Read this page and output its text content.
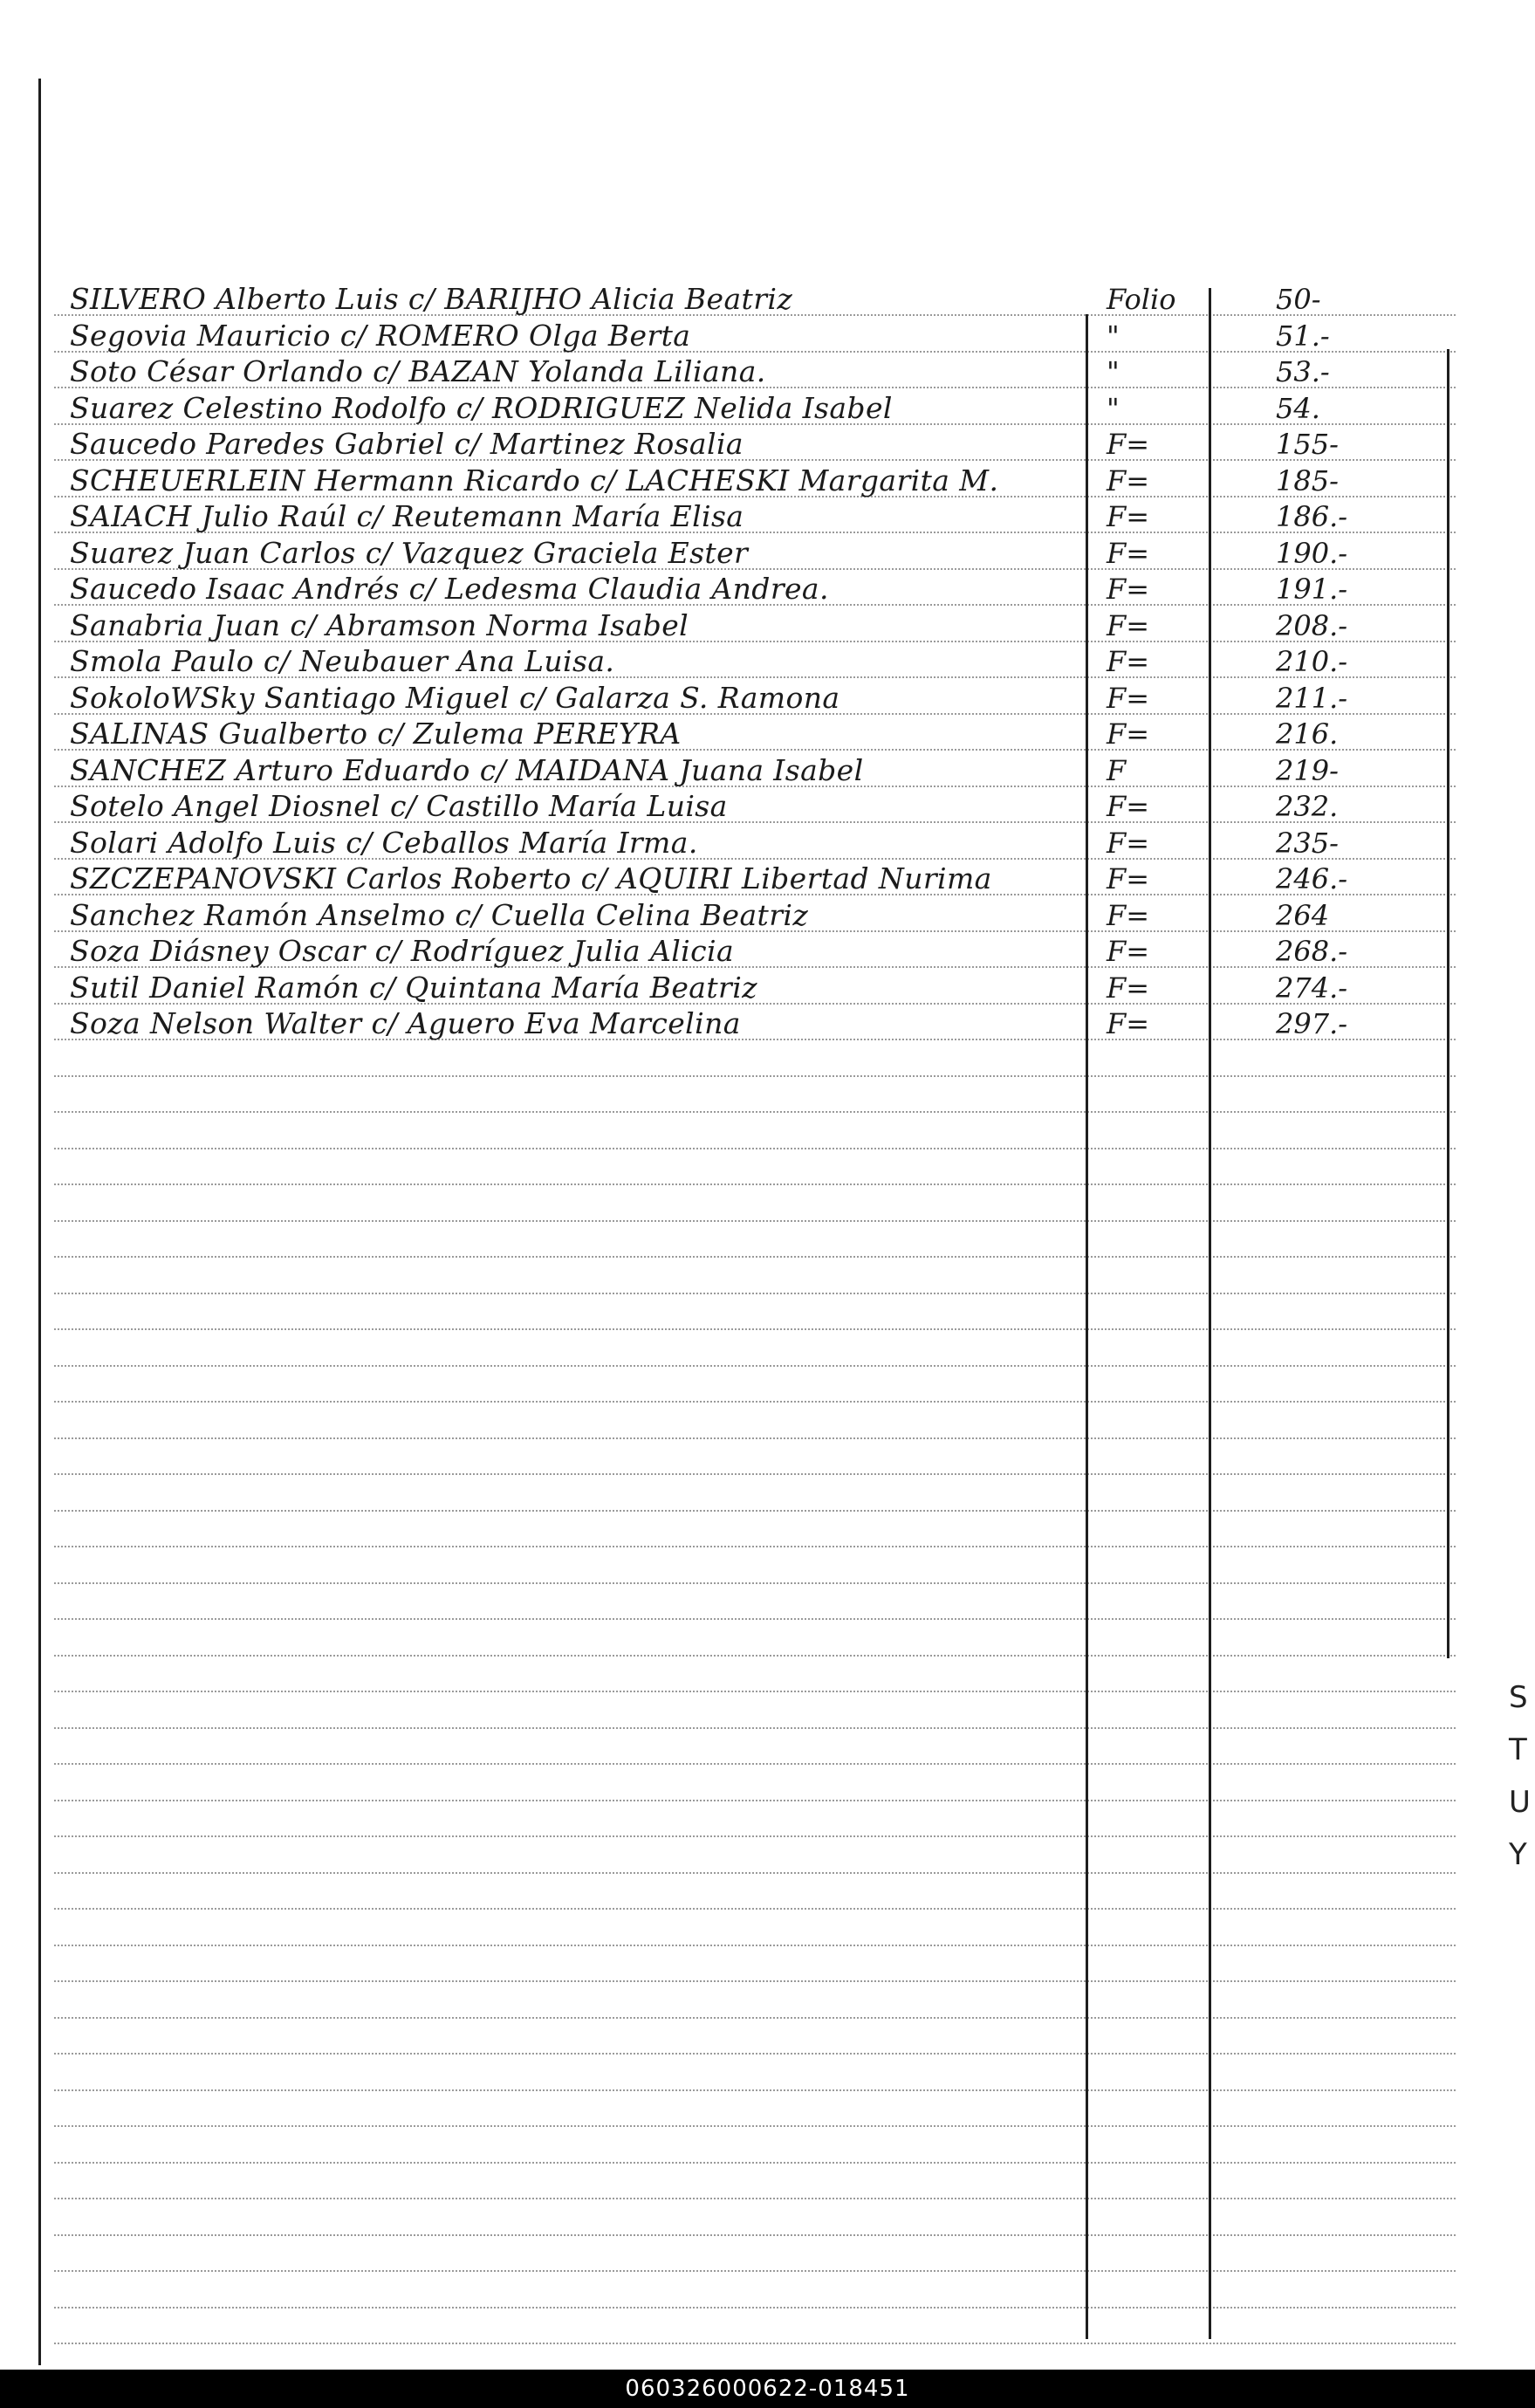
SILVERO Alberto Luis c/ BARIJHO Alicia Beatriz	Folio	50-
Segovia Mauricio c/ ROMERO Olga Berta	"	51.-
Soto César Orlando c/ BAZAN Yolanda Liliana.	"	53.-
Suarez Celestino Rodolfo c/ RODRIGUEZ Nelida Isabel	"	54.
Saucedo Paredes Gabriel c/ Martinez Rosalia	F=	155-
SCHEUERLEIN Hermann Ricardo c/ LACHESKI Margarita M.	F=	185-
SAIACH Julio Raúl c/ Reutemann María Elisa	F=	186.-
Suarez Juan Carlos c/ Vazquez Graciela Ester	F=	190.-
Saucedo Isaac Andrés c/ Ledesma Claudia Andrea.	F=	191.-
Sanabria Juan c/ Abramson Norma Isabel	F=	208.-
Smola Paulo c/ Neubauer Ana Luisa.	F=	210.-
SokoloWSky Santiago Miguel c/ Galarza S. Ramona	F=	211.-
SALINAS Gualberto c/ Zulema PEREYRA	F=	216.
SANCHEZ Arturo Eduardo c/ MAIDANA Juana Isabel	F	219-
Sotelo Angel Diosnel c/ Castillo María Luisa	F=	232.
Solari Adolfo Luis c/ Ceballos María Irma.	F=	235-
SZCZEPANOVSKI Carlos Roberto c/ AQUIRI Libertad Nurima	F=	246.-
Sanchez Ramón Anselmo c/ Cuella Celina Beatriz	F=	264
Soza Diásney Oscar c/ Rodríguez Julia Alicia	F=	268.-
Sutil Daniel Ramón c/ Quintana María Beatriz	F=	274.-
Soza Nelson Walter c/ Aguero Eva Marcelina	F=	297.-
S
T
U
Y
060326000622-018451
